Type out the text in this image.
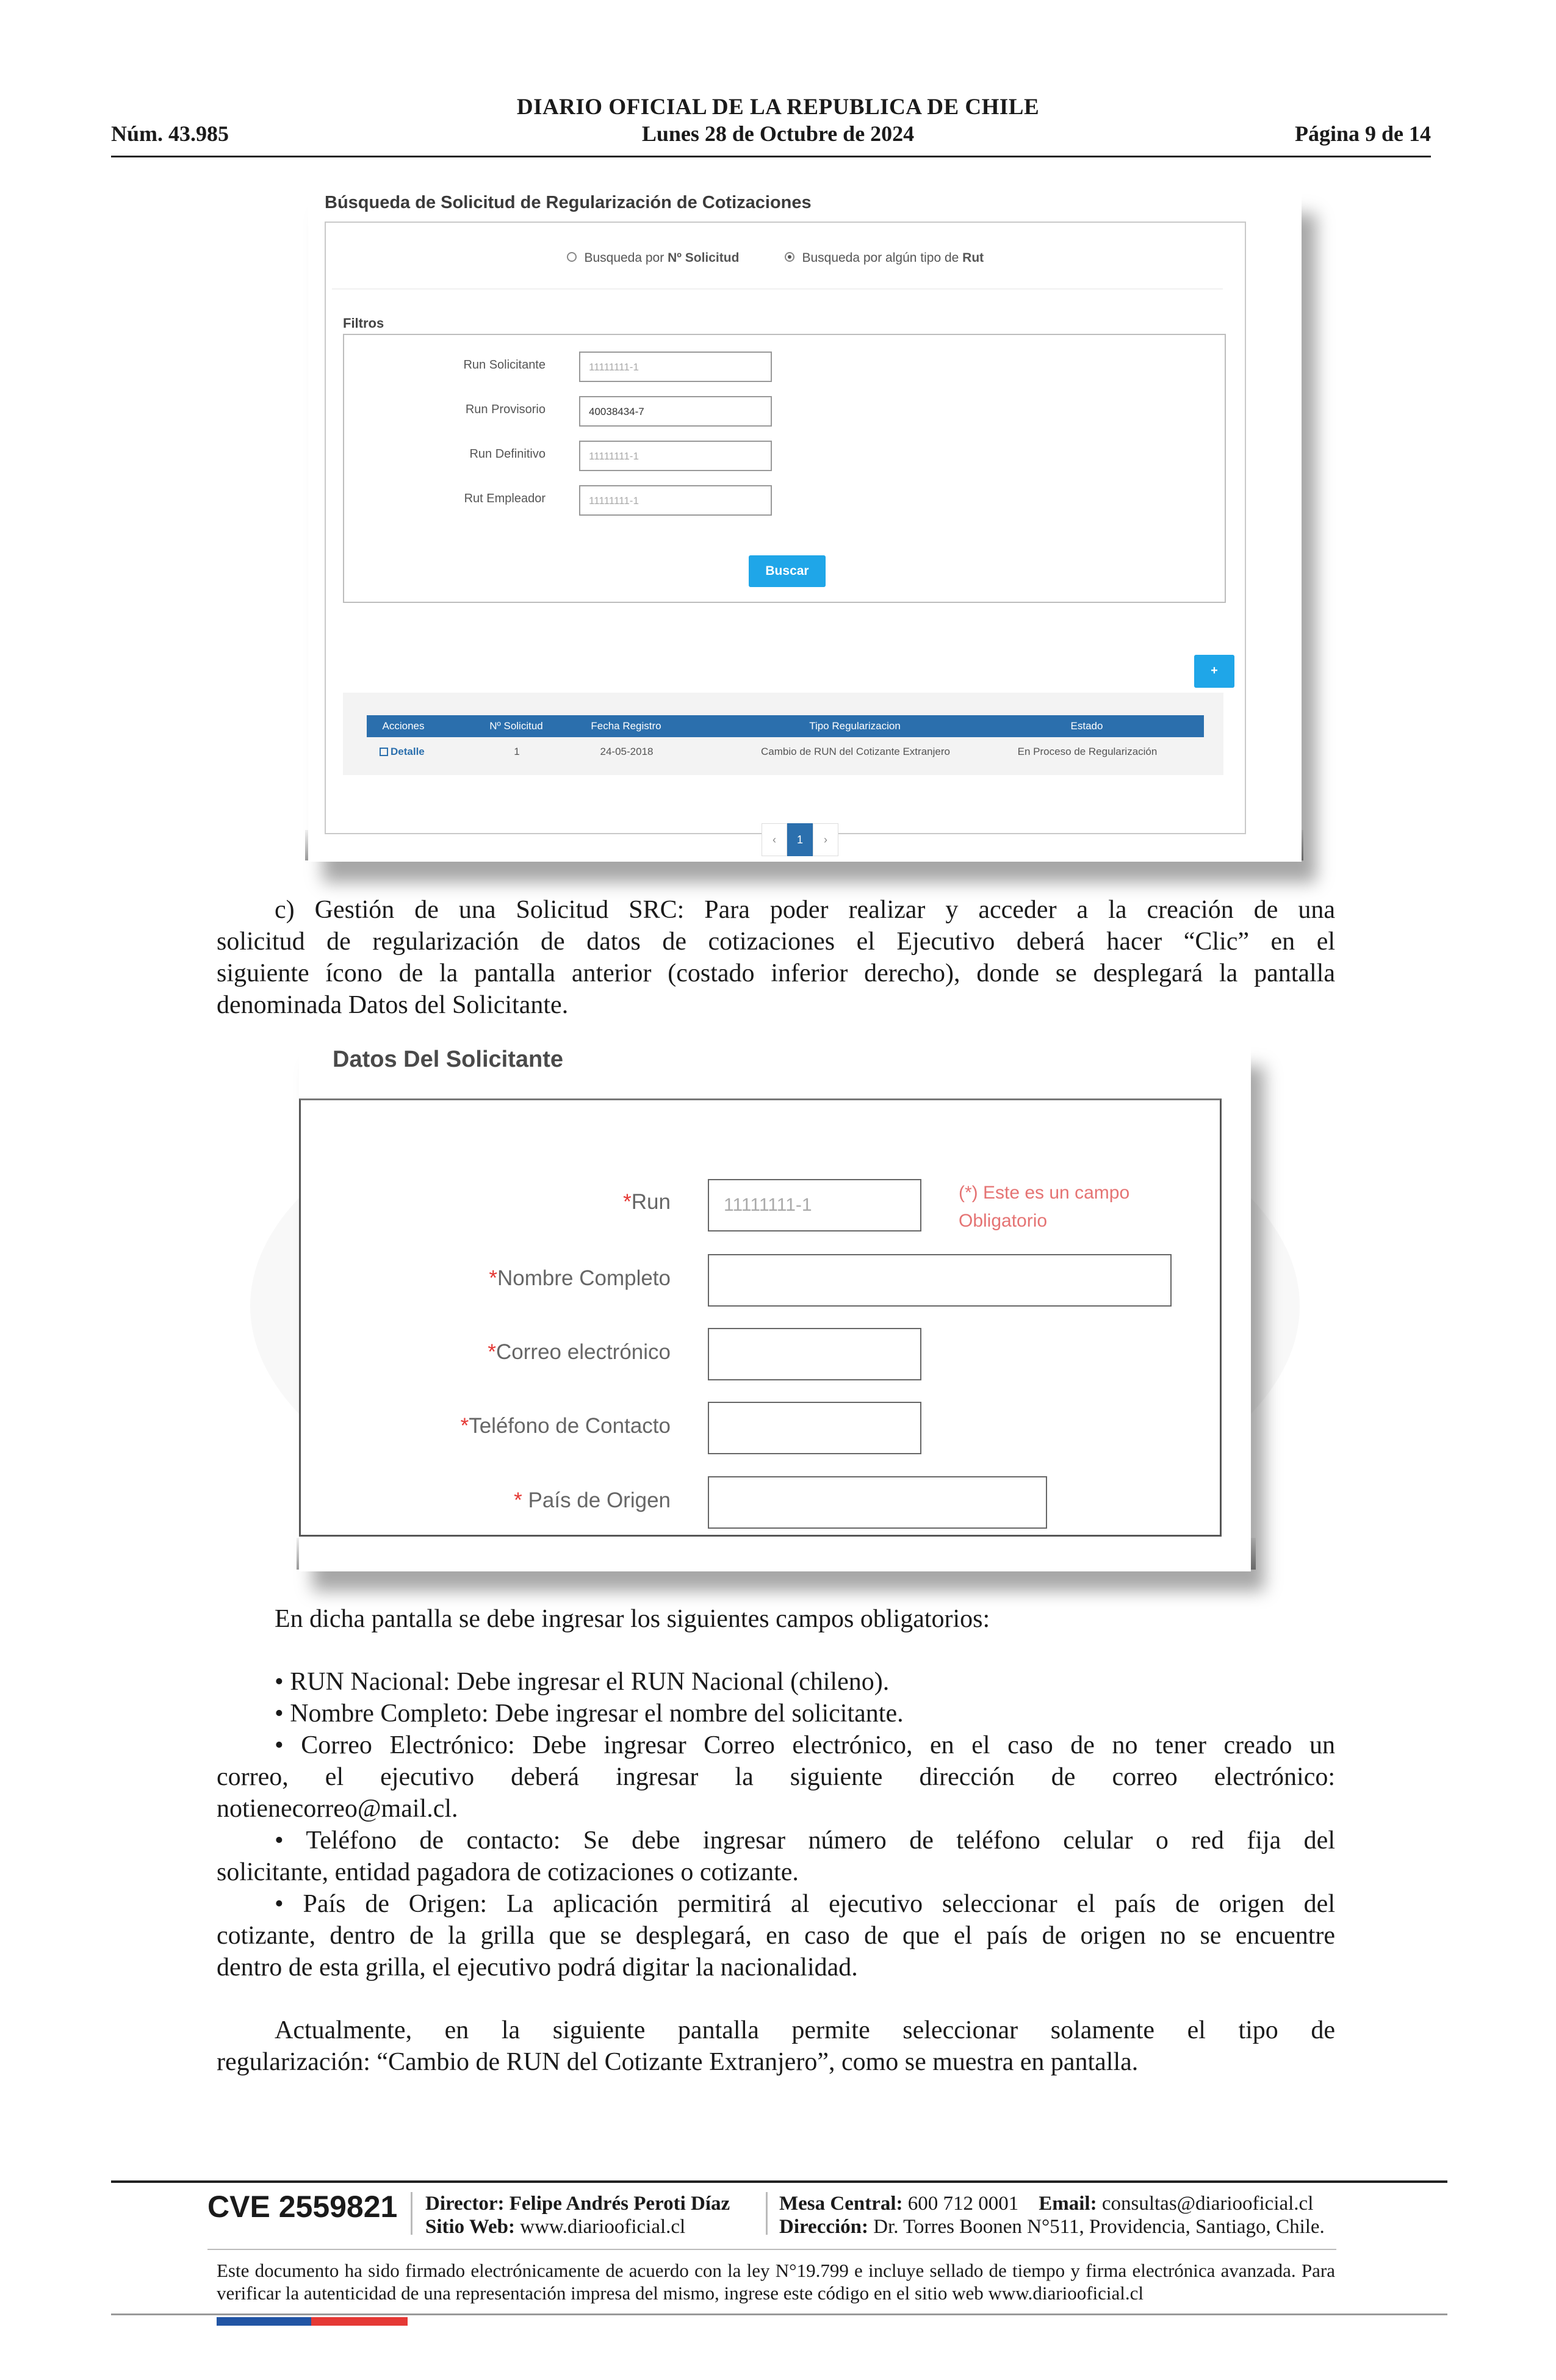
DIARIO OFICIAL DE LA REPUBLICA DE CHILE
Núm. 43.985	Lunes 28 de Octubre de 2024	Página 9 de 14
Búsqueda de Solicitud de Regularización de Cotizaciones
Busqueda por Nº Solicitud	Busqueda por algún tipo de Rut
Filtros
Run Solicitante	11111111-1
Run Provisorio	40038434-7
Run Definitivo	11111111-1
Rut Empleador	11111111-1
Buscar
+
Acciones	Nº Solicitud	Fecha Registro	Tipo Regularizacion	Estado
Detalle	1	24-05-2018	Cambio de RUN del Cotizante Extranjero	En Proceso de Regularización
‹	1	›
c) Gestión de una Solicitud SRC: Para poder realizar y acceder a la creación de una
solicitud de regularización de datos de cotizaciones el Ejecutivo deberá hacer “Clic” en el
siguiente ícono de la pantalla anterior (costado inferior derecho), donde se desplegará la pantalla
denominada Datos del Solicitante.
Datos Del Solicitante
*Run	11111111-1
(*) Este es un campo
Obligatorio
*Nombre Completo
*Correo electrónico
*Teléfono de Contacto
* País de Origen
En dicha pantalla se debe ingresar los siguientes campos obligatorios:
• RUN Nacional: Debe ingresar el RUN Nacional (chileno).
• Nombre Completo: Debe ingresar el nombre del solicitante.
• Correo Electrónico: Debe ingresar Correo electrónico, en el caso de no tener creado un
correo, el ejecutivo deberá ingresar la siguiente dirección de correo electrónico:
notienecorreo@mail.cl.
• Teléfono de contacto: Se debe ingresar número de teléfono celular o red fija del
solicitante, entidad pagadora de cotizaciones o cotizante.
• País de Origen: La aplicación permitirá al ejecutivo seleccionar el país de origen del
cotizante, dentro de la grilla que se desplegará, en caso de que el país de origen no se encuentre
dentro de esta grilla, el ejecutivo podrá digitar la nacionalidad.
Actualmente, en la siguiente pantalla permite seleccionar solamente el tipo de
regularización: “Cambio de RUN del Cotizante Extranjero”, como se muestra en pantalla.
CVE 2559821 Director: Felipe Andrés Peroti Díaz
Sitio Web: www.diariooficial.cl
Mesa Central: 600 712 0001 Email: consultas@diariooficial.cl
Dirección: Dr. Torres Boonen N°511, Providencia, Santiago, Chile.
Este documento ha sido firmado electrónicamente de acuerdo con la ley N°19.799 e incluye sellado de tiempo y firma electrónica avanzada. Para verificar la autenticidad de una representación impresa del mismo, ingrese este código en el sitio web www.diariooficial.cl
